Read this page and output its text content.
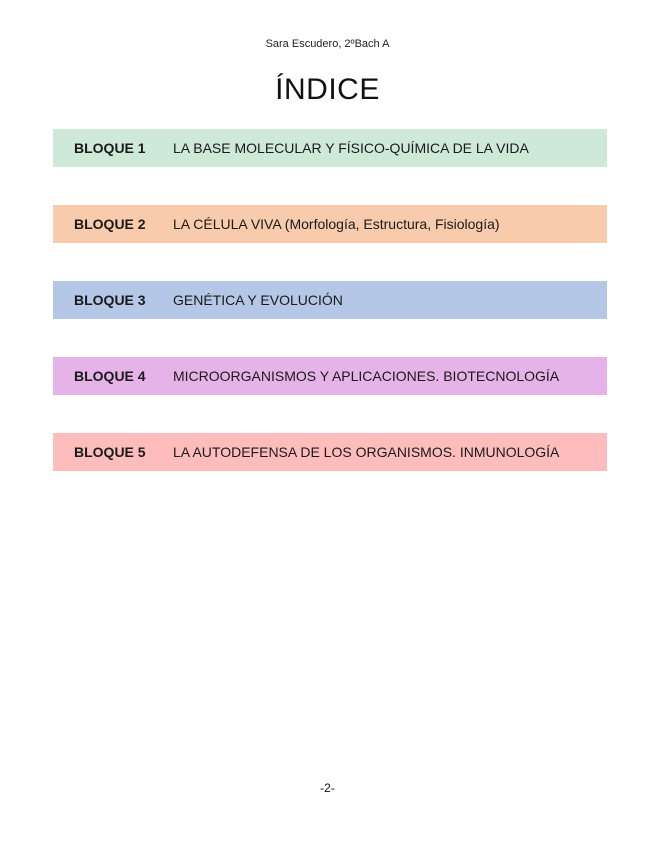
Sara Escudero, 2ºBach A
ÍNDICE
BLOQUE 1	LA BASE MOLECULAR Y FÍSICO-QUÍMICA DE LA VIDA
BLOQUE 2	LA CÉLULA VIVA (Morfología, Estructura, Fisiología)
BLOQUE 3	GENÉTICA Y EVOLUCIÓN
BLOQUE 4	MICROORGANISMOS Y APLICACIONES. BIOTECNOLOGÍA
BLOQUE 5	LA AUTODEFENSA DE LOS ORGANISMOS. INMUNOLOGÍA
-2-
